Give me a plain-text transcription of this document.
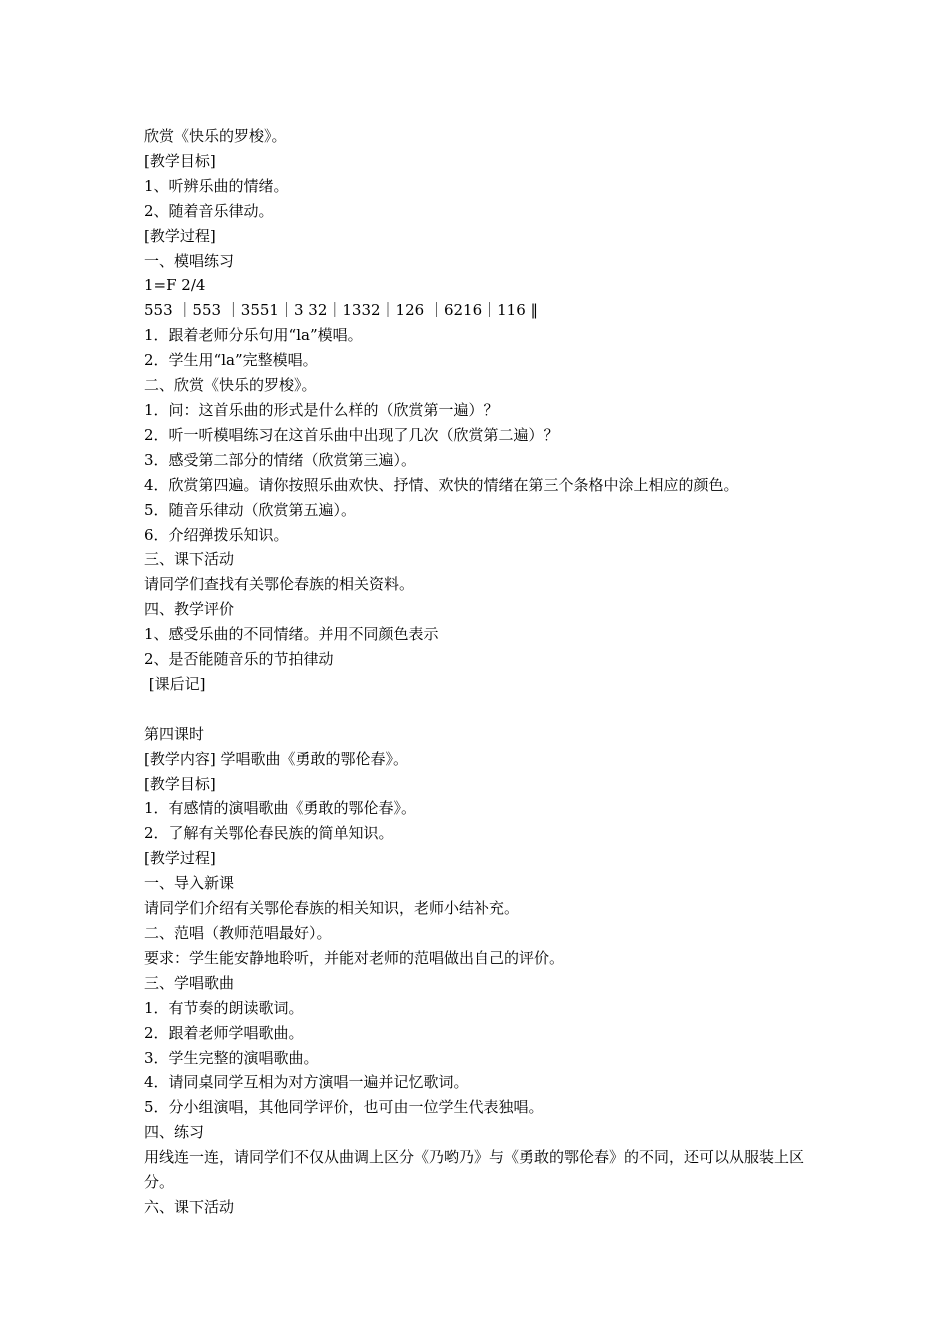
欣赏《快乐的罗梭》。

[教学目标]

1、听辨乐曲的情绪。

2、随着音乐律动。

[教学过程]

一、模唱练习

1=F 2/4

553 ｜553 ｜3551｜3 32｜1332｜126 ｜6216｜116 ‖

1．跟着老师分乐句用“la”模唱。

2．学生用“la”完整模唱。

二、欣赏《快乐的罗梭》。

1．问：这首乐曲的形式是什么样的（欣赏第一遍）？

2．听一听模唱练习在这首乐曲中出现了几次（欣赏第二遍）？

3．感受第二部分的情绪（欣赏第三遍）。

4．欣赏第四遍。请你按照乐曲欢快、抒情、欢快的情绪在第三个条格中涂上相应的颜色。

5．随音乐律动（欣赏第五遍）。

6．介绍弹拨乐知识。

三、课下活动

请同学们查找有关鄂伦春族的相关资料。

四、教学评价

1、感受乐曲的不同情绪。并用不同颜色表示

2、是否能随音乐的节拍律动

[课后记]

第四课时

[教学内容] 学唱歌曲《勇敢的鄂伦春》。

[教学目标]

1．有感情的演唱歌曲《勇敢的鄂伦春》。

2．了解有关鄂伦春民族的简单知识。

[教学过程]

一、导入新课

请同学们介绍有关鄂伦春族的相关知识，老师小结补充。

二、范唱（教师范唱最好）。

要求：学生能安静地聆听，并能对老师的范唱做出自己的评价。

三、学唱歌曲

1．有节奏的朗读歌词。

2．跟着老师学唱歌曲。

3．学生完整的演唱歌曲。

4．请同桌同学互相为对方演唱一遍并记忆歌词。

5．分小组演唱，其他同学评价，也可由一位学生代表独唱。

四、练习

用线连一连，请同学们不仅从曲调上区分《乃哟乃》与《勇敢的鄂伦春》的不同，还可以从服装上区分。

六、课下活动
